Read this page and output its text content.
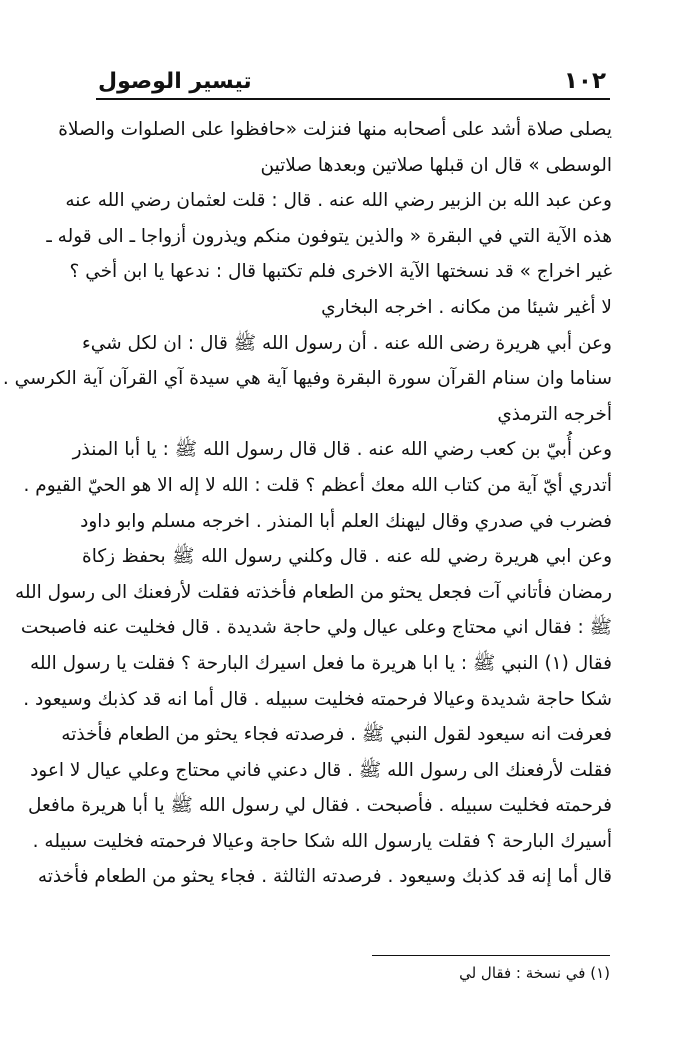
١٠٢
تيسير الوصول
يصلى صلاة أشد على أصحابه منها فنزلت «حافظوا على الصلوات والصلاة
الوسطى » قال ان قبلها صلاتين وبعدها صلاتين
وعن عبد الله بن الزبير رضي الله عنه . قال : قلت لعثمان رضي الله عنه
هذه الآية التي في البقرة « والذين يتوفون منكم ويذرون أزواجا ـ الى قوله ـ
غير اخراج » قد نسختها الآية الاخرى فلم تكتبها قال : ندعها يا ابن أخي ؟
لا أغير شيئا من مكانه . اخرجه البخاري
وعن أبي هريرة رضى الله عنه . أن رسول الله ﷺ قال : ان لكل شيء
سناما وان سنام القرآن سورة البقرة وفيها آية هي سيدة آي القرآن آية الكرسي .
أخرجه الترمذي
وعن أُبيّ بن كعب رضي الله عنه . قال قال رسول الله ﷺ : يا أبا المنذر
أتدري أيّ آية من كتاب الله معك أعظم ؟ قلت : الله لا إله الا هو الحيّ القيوم .
فضرب في صدري وقال ليهنك العلم أبا المنذر . اخرجه مسلم وابو داود
وعن ابي هريرة رضي لله عنه . قال وكلني رسول الله ﷺ بحفظ زكاة
رمضان فأتاني آت فجعل يحثو من الطعام فأخذته فقلت لأرفعنك الى رسول الله
ﷺ : فقال اني محتاج وعلى عيال ولي حاجة شديدة . قال فخليت عنه فاصبحت
فقال (١) النبي ﷺ : يا ابا هريرة ما فعل اسيرك البارحة ؟ فقلت يا رسول الله
شكا حاجة شديدة وعيالا فرحمته فخليت سبيله . قال أما انه قد كذبك وسيعود .
فعرفت انه سيعود لقول النبي ﷺ . فرصدته فجاء يحثو من الطعام فأخذته
فقلت لأرفعنك الى رسول الله ﷺ . قال دعني فاني محتاج وعلي عيال لا اعود
فرحمته فخليت سبيله . فأصبحت . فقال لي رسول الله ﷺ يا أبا هريرة مافعل
أسيرك البارحة ؟ فقلت يارسول الله شكا حاجة وعيالا فرحمته فخليت سبيله .
قال أما إنه قد كذبك وسيعود . فرصدته الثالثة . فجاء يحثو من الطعام فأخذته
(١) في نسخة : فقال لي
